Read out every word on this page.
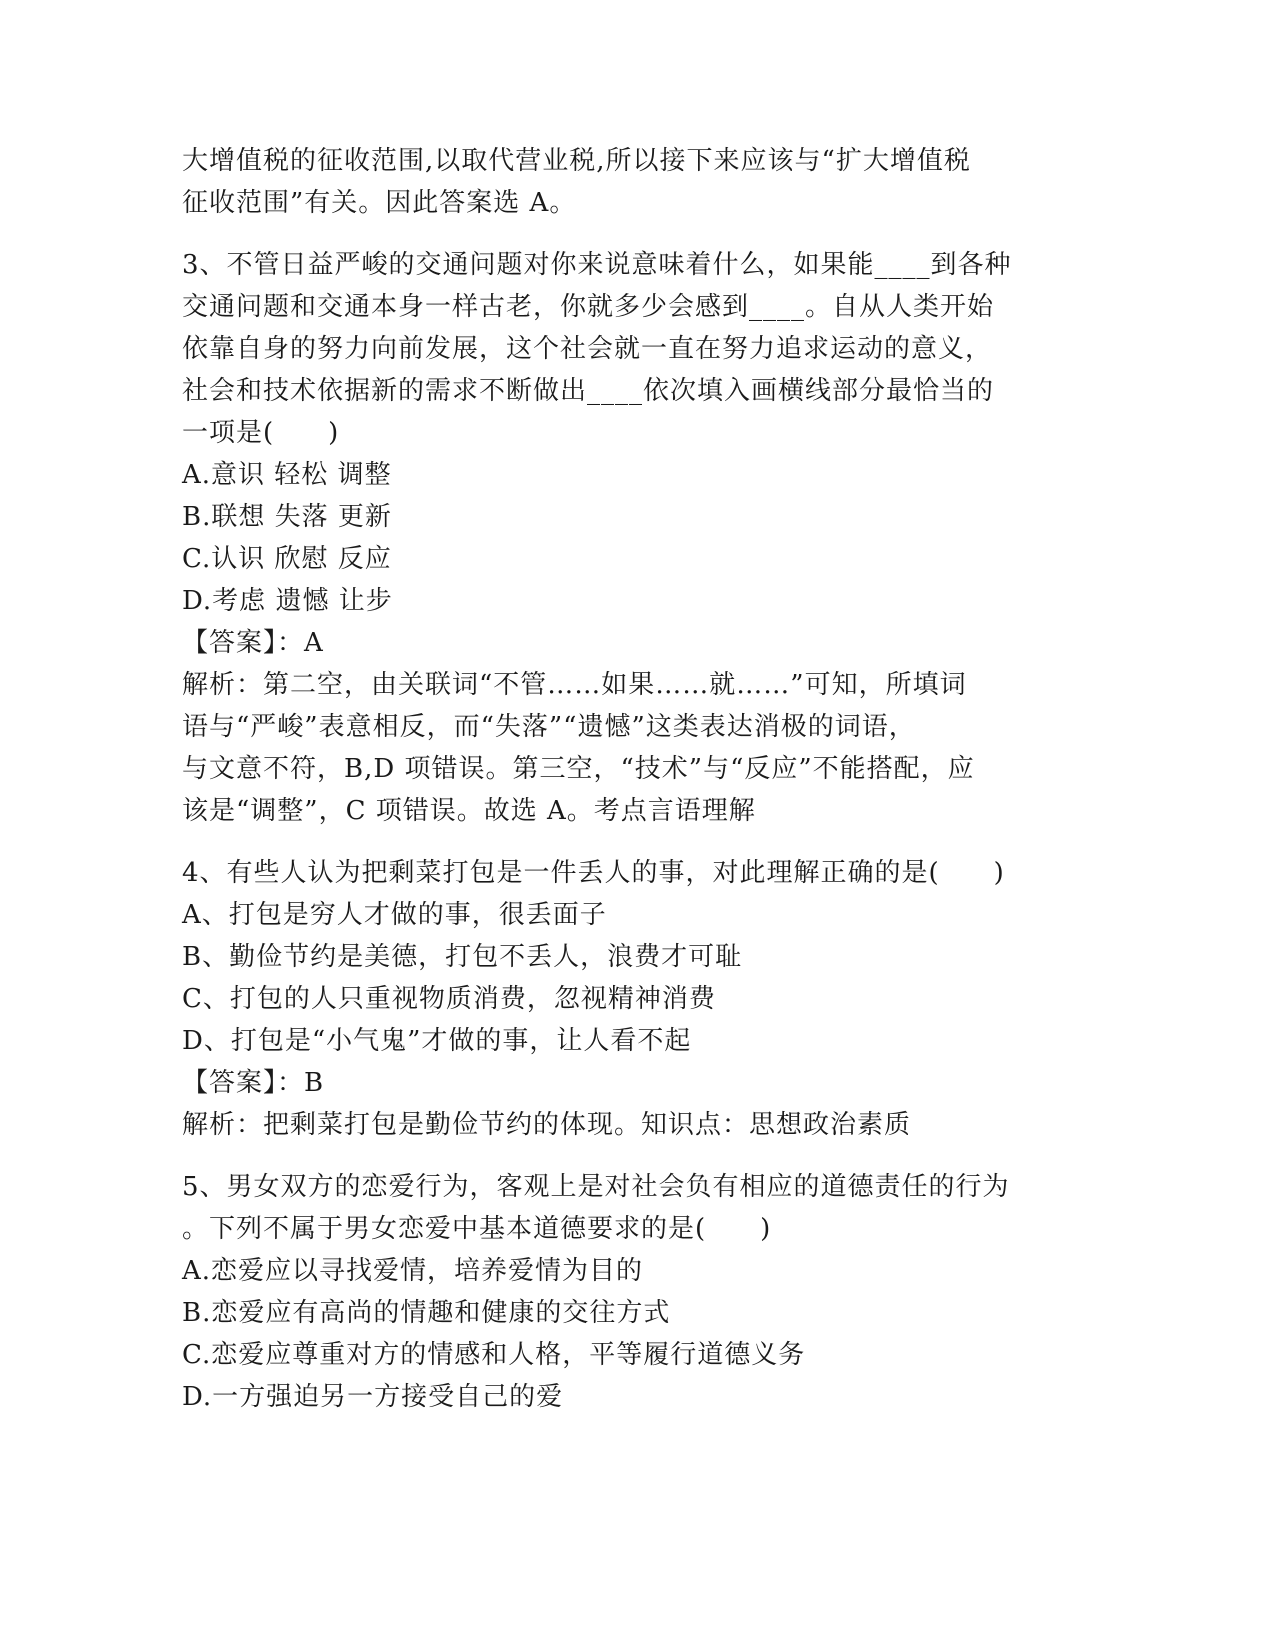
大增值税的征收范围,以取代营业税,所以接下来应该与“扩大增值税
征收范围”有关。因此答案选 A。
3、不管日益严峻的交通问题对你来说意味着什么，如果能____到各种
交通问题和交通本身一样古老，你就多少会感到____。自从人类开始
依靠自身的努力向前发展，这个社会就一直在努力追求运动的意义，
社会和技术依据新的需求不断做出____依次填入画横线部分最恰当的
一项是(　　)
A.意识 轻松 调整
B.联想 失落 更新
C.认识 欣慰 反应
D.考虑 遗憾 让步
【答案】：A
解析：第二空，由关联词“不管……如果……就……”可知，所填词
语与“严峻”表意相反，而“失落”“遗憾”这类表达消极的词语，
与文意不符，B,D 项错误。第三空，“技术”与“反应”不能搭配，应
该是“调整”，C 项错误。故选 A。考点言语理解
4、有些人认为把剩菜打包是一件丢人的事，对此理解正确的是(　　)
A、打包是穷人才做的事，很丢面子
B、勤俭节约是美德，打包不丢人，浪费才可耻
C、打包的人只重视物质消费，忽视精神消费
D、打包是“小气鬼”才做的事，让人看不起
【答案】：B
解析：把剩菜打包是勤俭节约的体现。知识点：思想政治素质
5、男女双方的恋爱行为，客观上是对社会负有相应的道德责任的行为
。下列不属于男女恋爱中基本道德要求的是(　　)
A.恋爱应以寻找爱情，培养爱情为目的
B.恋爱应有高尚的情趣和健康的交往方式
C.恋爱应尊重对方的情感和人格，平等履行道德义务
D.一方强迫另一方接受自己的爱
